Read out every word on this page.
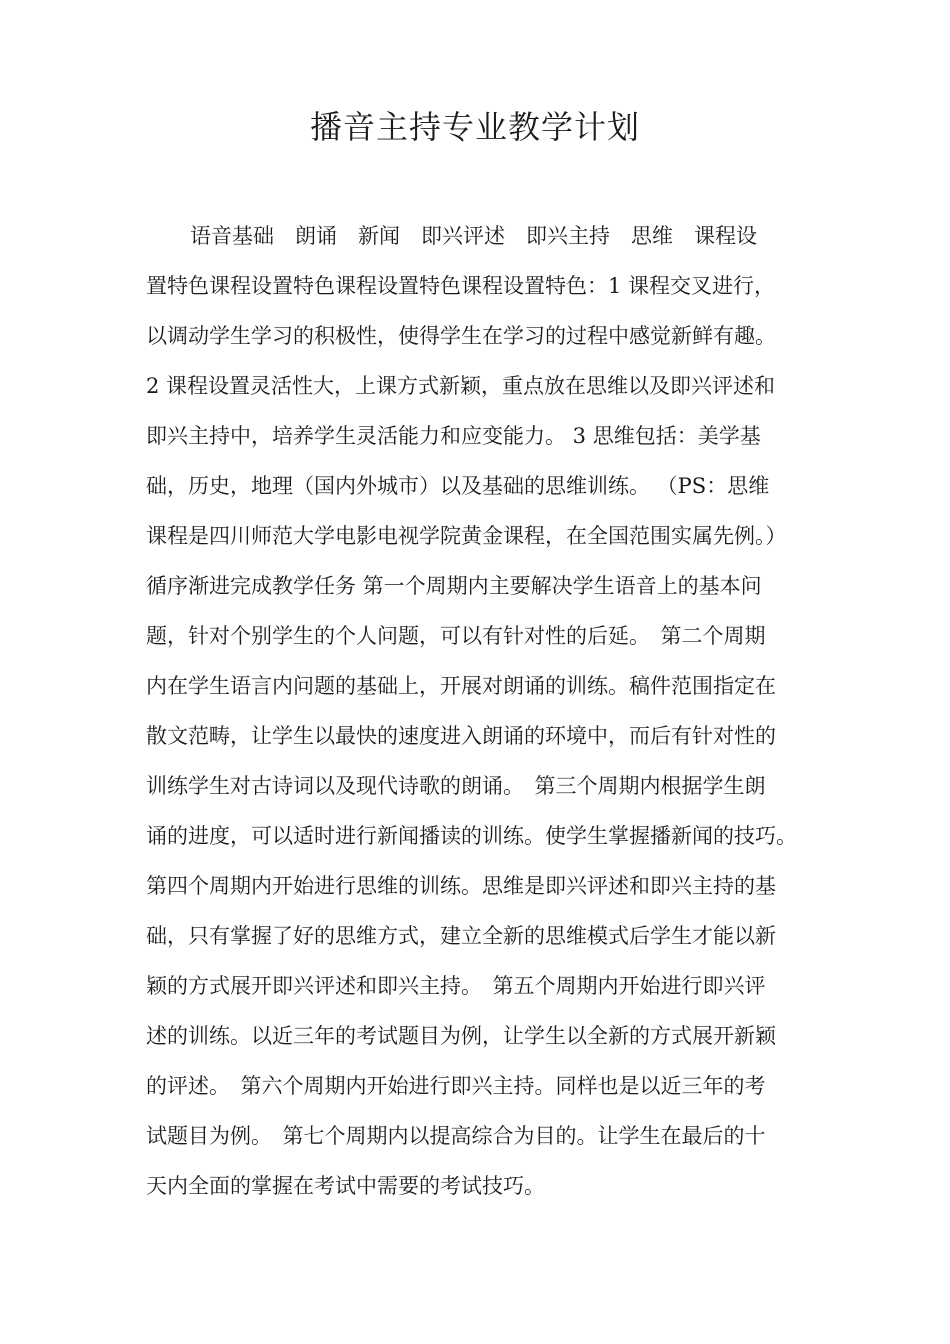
播音主持专业教学计划
语音基础　朗诵　新闻　即兴评述　即兴主持　思维　课程设
置特色课程设置特色课程设置特色课程设置特色：1 课程交叉进行，
以调动学生学习的积极性，使得学生在学习的过程中感觉新鲜有趣。
2 课程设置灵活性大，上课方式新颖，重点放在思维以及即兴评述和
即兴主持中，培养学生灵活能力和应变能力。 3 思维包括：美学基
础，历史，地理（国内外城市）以及基础的思维训练。 （PS：思维
课程是四川师范大学电影电视学院黄金课程，在全国范围实属先例。）
循序渐进完成教学任务 第一个周期内主要解决学生语音上的基本问
题，针对个别学生的个人问题，可以有针对性的后延。　第二个周期
内在学生语言内问题的基础上，开展对朗诵的训练。稿件范围指定在
散文范畴，让学生以最快的速度进入朗诵的环境中，而后有针对性的
训练学生对古诗词以及现代诗歌的朗诵。　第三个周期内根据学生朗
诵的进度，可以适时进行新闻播读的训练。使学生掌握播新闻的技巧。
第四个周期内开始进行思维的训练。思维是即兴评述和即兴主持的基
础，只有掌握了好的思维方式，建立全新的思维模式后学生才能以新
颖的方式展开即兴评述和即兴主持。　第五个周期内开始进行即兴评
述的训练。以近三年的考试题目为例，让学生以全新的方式展开新颖
的评述。　第六个周期内开始进行即兴主持。同样也是以近三年的考
试题目为例。　第七个周期内以提高综合为目的。让学生在最后的十
天内全面的掌握在考试中需要的考试技巧。
